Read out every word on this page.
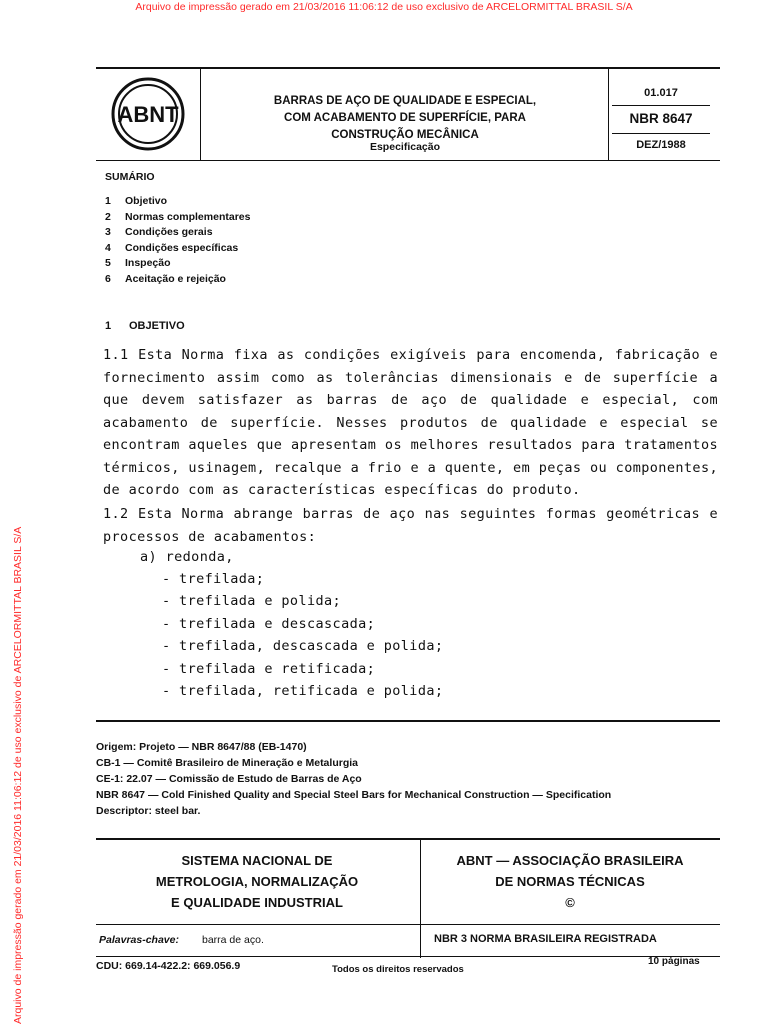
Arquivo de impressão gerado em 21/03/2016 11:06:12 de uso exclusivo de ARCELORMITTAL BRASIL S/A
Arquivo de impressão gerado em 21/03/2016 11:06:12 de uso exclusivo de ARCELORMITTAL BRASIL S/A
ABNT
BARRAS DE AÇO DE QUALIDADE E ESPECIAL,
COM ACABAMENTO DE SUPERFÍCIE, PARA
CONSTRUÇÃO MECÂNICA
Especificação
01.017
NBR 8647
DEZ/1988
SUMÁRIO
1 Objetivo
2 Normas complementares
3 Condições gerais
4 Condições específicas
5 Inspeção
6 Aceitação e rejeição
1 OBJETIVO
1.1 Esta Norma fixa as condições exigíveis para encomenda, fabricação e fornecimento assim como as tolerâncias dimensionais e de superfície a que devem satisfazer as barras de aço de qualidade e especial, com acabamento de superfície. Nesses produtos de qualidade e especial se encontram aqueles que apresentam os melhores resultados para tratamentos térmicos, usinagem, recalque a frio e a quente, em peças ou componentes, de acordo com as características específicas do produto.
1.2 Esta Norma abrange barras de aço nas seguintes formas geométricas e processos de acabamentos:
a) redonda,
- trefilada;
- trefilada e polida;
- trefilada e descascada;
- trefilada, descascada e polida;
- trefilada e retificada;
- trefilada, retificada e polida;
Origem: Projeto — NBR 8647/88 (EB-1470)
CB-1 — Comitê Brasileiro de Mineração e Metalurgia
CE-1: 22.07 — Comissão de Estudo de Barras de Aço
NBR 8647 — Cold Finished Quality and Special Steel Bars for Mechanical Construction — Specification
Descriptor: steel bar.
SISTEMA NACIONAL DE
METROLOGIA, NORMALIZAÇÃO
E QUALIDADE INDUSTRIAL
ABNT — ASSOCIAÇÃO BRASILEIRA
DE NORMAS TÉCNICAS
©
Palavras-chave: barra de aço.	NBR 3 NORMA BRASILEIRA REGISTRADA
CDU: 669.14-422.2: 669.056.9	Todos os direitos reservados
10 páginas
